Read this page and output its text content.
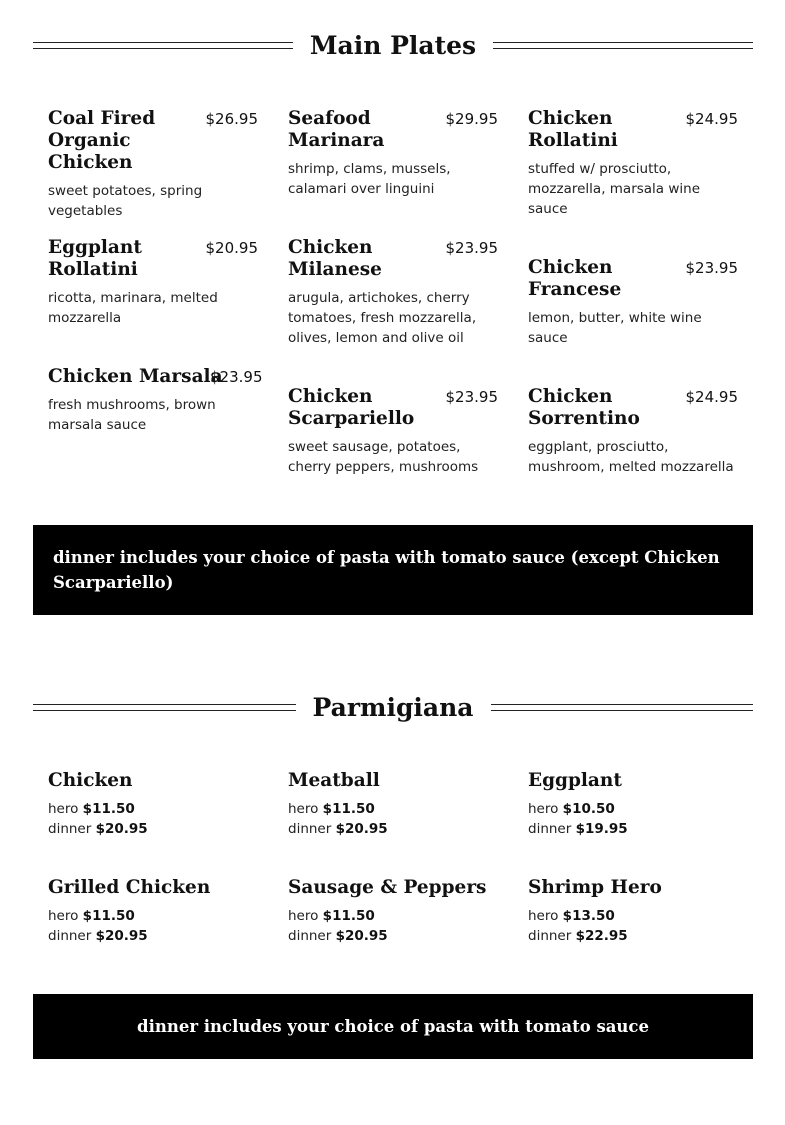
Main Plates
Coal Fired Organic Chicken
$26.95
sweet potatoes, spring vegetables
Seafood Marinara
$29.95
shrimp, clams, mussels, calamari over linguini
Chicken Rollatini
$24.95
stuffed w/ prosciutto, mozzarella, marsala wine sauce
Eggplant Rollatini
$20.95
ricotta, marinara, melted mozzarella
Chicken Milanese
$23.95
arugula, artichokes, cherry tomatoes, fresh mozzarella, olives, lemon and olive oil
Chicken Francese
$23.95
lemon, butter, white wine sauce
Chicken Marsala
$23.95
fresh mushrooms, brown marsala sauce
Chicken Scarpariello
$23.95
sweet sausage, potatoes, cherry peppers, mushrooms
Chicken Sorrentino
$24.95
eggplant, prosciutto, mushroom, melted mozzarella
dinner includes your choice of pasta with tomato sauce (except Chicken Scarpariello)
Parmigiana
Chicken
hero $11.50
dinner $20.95
Meatball
hero $11.50
dinner $20.95
Eggplant
hero $10.50
dinner $19.95
Grilled Chicken
hero $11.50
dinner $20.95
Sausage & Peppers
hero $11.50
dinner $20.95
Shrimp Hero
hero $13.50
dinner $22.95
dinner includes your choice of pasta with tomato sauce
